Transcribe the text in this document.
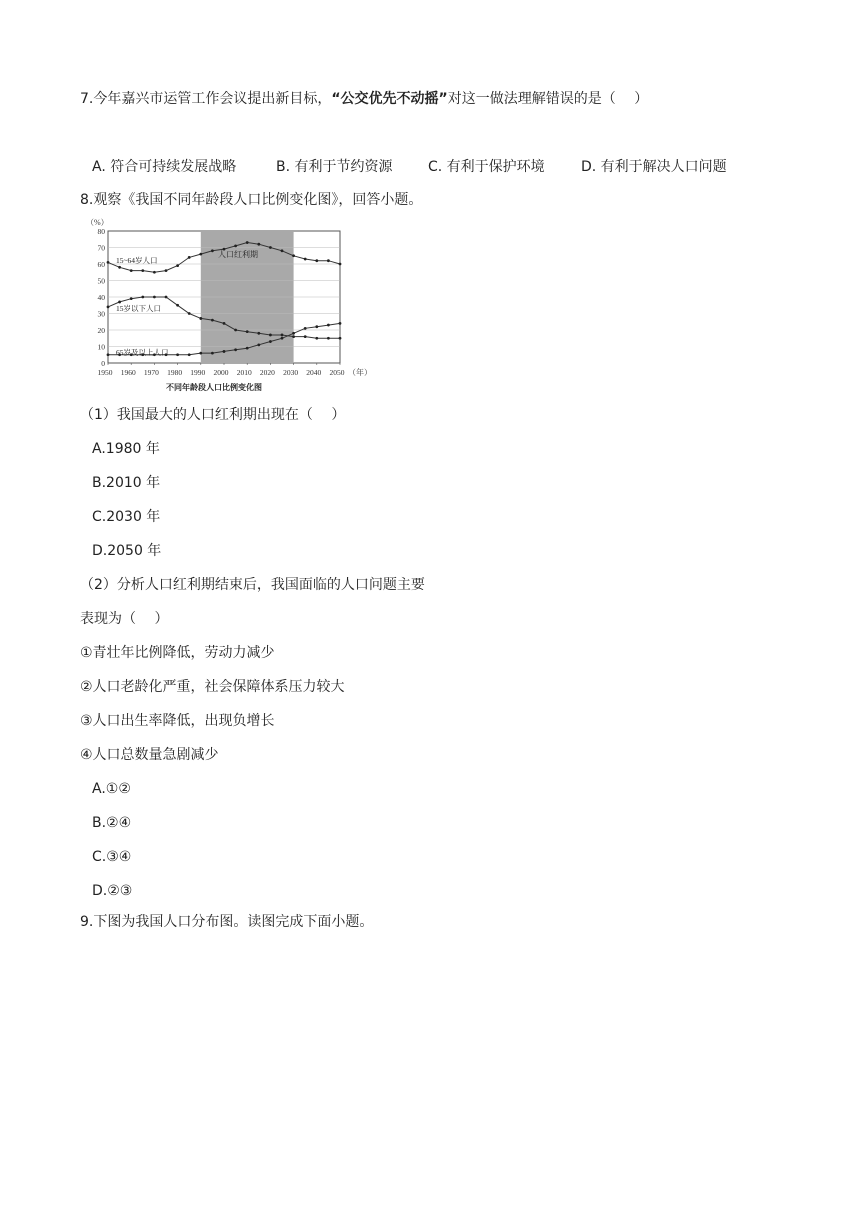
7.今年嘉兴市运管工作会议提出新目标，“公交优先不动摇”对这一做法理解错误的是（　 ）
A. 符合可持续发展战略	B. 有利于节约资源	C. 有利于保护环境	D. 有利于解决人口问题
8.观察《我国不同年龄段人口比例变化图》，回答小题。
0
10
20
30
40
50
60
70
80
1950 1960 1970 1980 1990 2000 2010 2020 2030 2040 2050
（%）
（年）
人口红利期
15~64岁人口
15岁以下人口
65岁及以上人口
不同年龄段人口比例变化图
（1）我国最大的人口红利期出现在（　 ）
A.1980 年
B.2010 年
C.2030 年
D.2050 年
（2）分析人口红利期结束后，我国面临的人口问题主要
表现为（　 ）
①青壮年比例降低，劳动力减少
②人口老龄化严重，社会保障体系压力较大
③人口出生率降低，出现负增长
④人口总数量急剧减少
A.①②
B.②④
C.③④
D.②③
9.下图为我国人口分布图。读图完成下面小题。
